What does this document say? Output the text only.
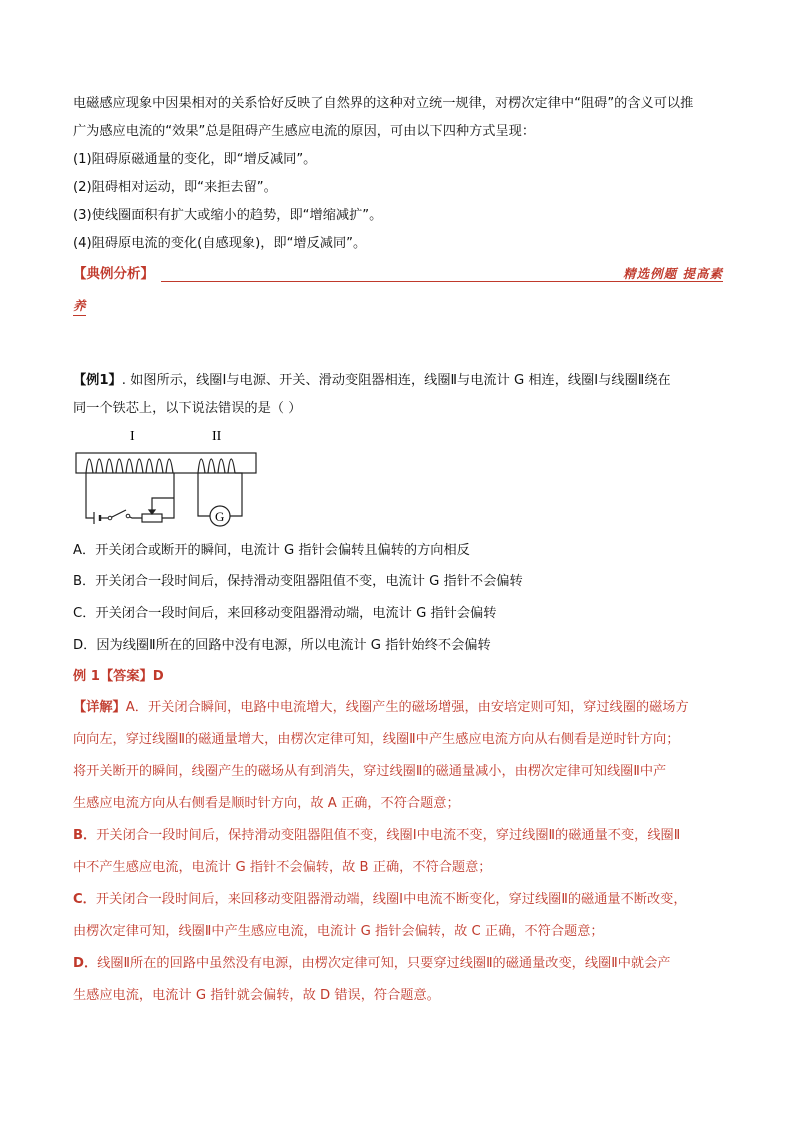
电磁感应现象中因果相对的关系恰好反映了自然界的这种对立统一规律，对楞次定律中“阻碍”的含义可以推
广为感应电流的“效果”总是阻碍产生感应电流的原因，可由以下四种方式呈现：
(1)阻碍原磁通量的变化，即“增反减同”。
(2)阻碍相对运动，即“来拒去留”。
(3)使线圈面积有扩大或缩小的趋势，即“增缩减扩”。
(4)阻碍原电流的变化(自感现象)，即“增反减同”。
【典例分析】	精选例题 提高素
养
【例1】. 如图所示，线圈Ⅰ与电源、开关、滑动变阻器相连，线圈Ⅱ与电流计 G 相连，线圈Ⅰ与线圈Ⅱ绕在
同一个铁芯上，以下说法错误的是（ ）
I	II
G
A．开关闭合或断开的瞬间，电流计 G 指针会偏转且偏转的方向相反
B．开关闭合一段时间后，保持滑动变阻器阻值不变，电流计 G 指针不会偏转
C．开关闭合一段时间后，来回移动变阻器滑动端，电流计 G 指针会偏转
D．因为线圈Ⅱ所在的回路中没有电源，所以电流计 G 指针始终不会偏转
例 1【答案】D
【详解】A．开关闭合瞬间，电路中电流增大，线圈产生的磁场增强，由安培定则可知，穿过线圈的磁场方
向向左，穿过线圈Ⅱ的磁通量增大，由楞次定律可知，线圈Ⅱ中产生感应电流方向从右侧看是逆时针方向；
将开关断开的瞬间，线圈产生的磁场从有到消失，穿过线圈Ⅱ的磁通量减小，由楞次定律可知线圈Ⅱ中产
生感应电流方向从右侧看是顺时针方向，故 A 正确，不符合题意；
B．开关闭合一段时间后，保持滑动变阻器阻值不变，线圈Ⅰ中电流不变，穿过线圈Ⅱ的磁通量不变，线圈Ⅱ
中不产生感应电流，电流计 G 指针不会偏转，故 B 正确，不符合题意；
C．开关闭合一段时间后，来回移动变阻器滑动端，线圈Ⅰ中电流不断变化，穿过线圈Ⅱ的磁通量不断改变，
由楞次定律可知，线圈Ⅱ中产生感应电流，电流计 G 指针会偏转，故 C 正确，不符合题意；
D．线圈Ⅱ所在的回路中虽然没有电源，由楞次定律可知，只要穿过线圈Ⅱ的磁通量改变，线圈Ⅱ中就会产
生感应电流，电流计 G 指针就会偏转，故 D 错误，符合题意。
